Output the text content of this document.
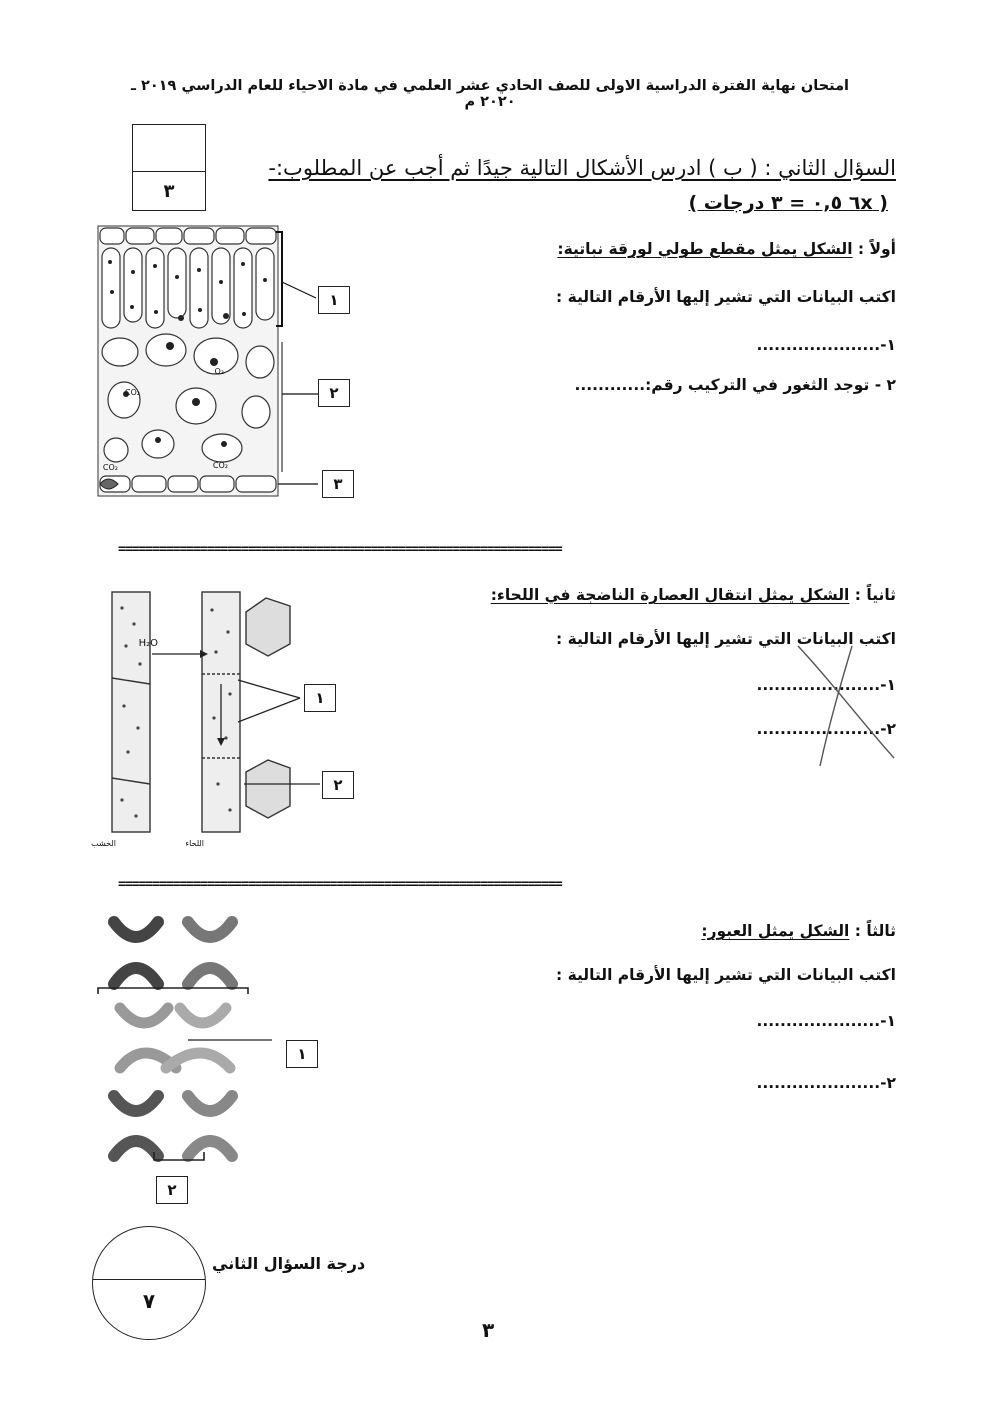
امتحان نهاية الفترة الدراسية الاولى للصف الحادي عشر العلمي في مادة الاحياء للعام الدراسي ٢٠١٩ ـ ٢٠٢٠ م
٣
السؤال الثاني : ( ب ) ادرس الأشكال التالية جيدًا ثم أجب عن المطلوب:-
( ٦x ٠,٥ = ٣ درجات )
أولاً : الشكل يمثل مقطع طولي لورقة نباتية:
اكتب البيانات التي تشير إليها الأرقام التالية :
١-.....................
٢ - توجد الثغور في التركيب رقم:............
CO₂
O₂
CO₂	CO₂
١
٢
٣
=================================================================
ثانياً : الشكل يمثل انتقال العصارة الناضجة في اللحاء:
اكتب البيانات التي تشير إليها الأرقام التالية :
١-.....................
٢-.....................
H₂O
الخشب	اللحاء
١
٢
=================================================================
ثالثاً : الشكل يمثل العبور:
اكتب البيانات التي تشير إليها الأرقام التالية :
١-.....................
٢-.....................
١
٢
٧
درجة السؤال الثاني
٣
